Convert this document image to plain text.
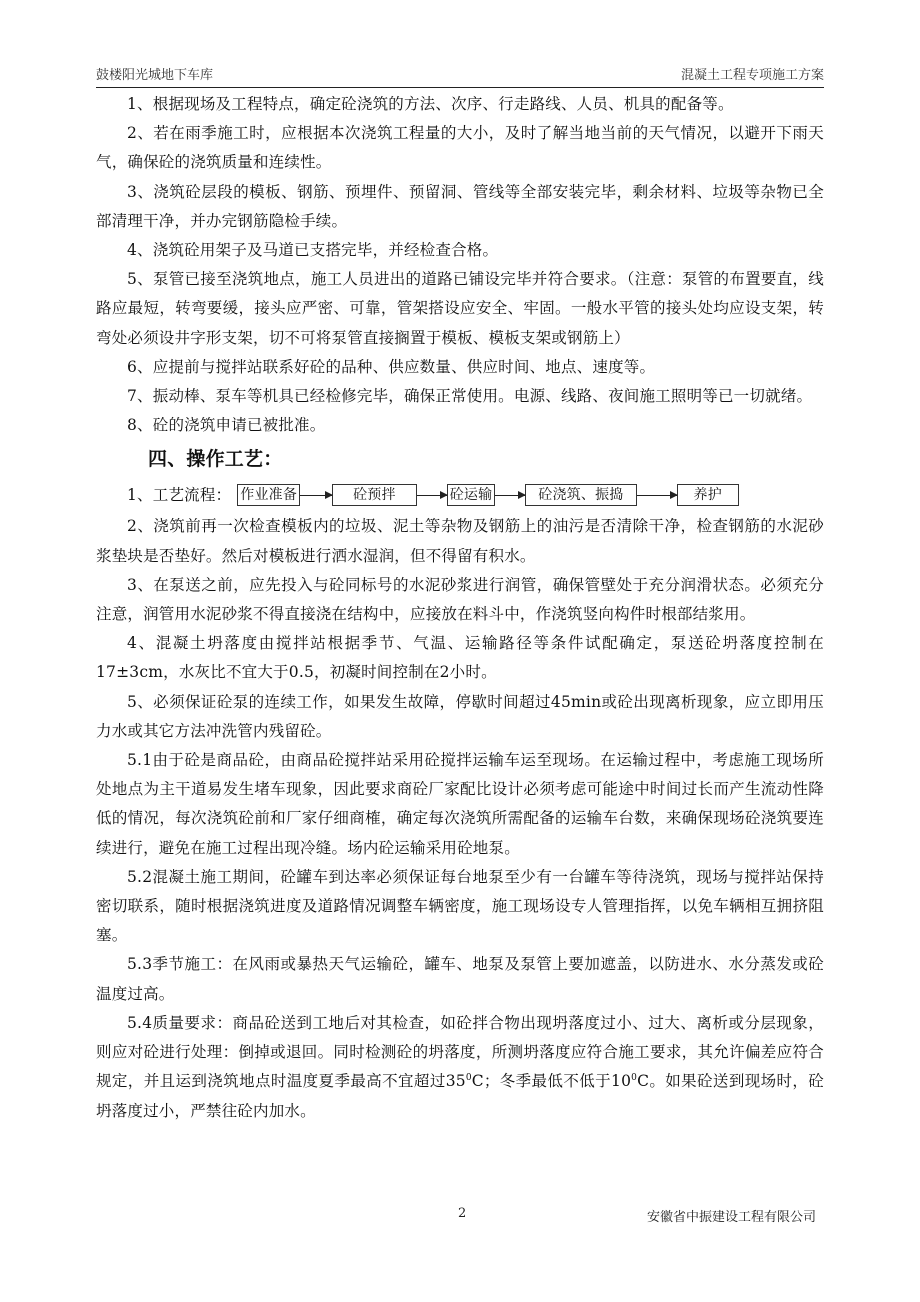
鼓楼阳光城地下车库	混凝土工程专项施工方案

1、根据现场及工程特点，确定砼浇筑的方法、次序、行走路线、人员、机具的配备等。

2、若在雨季施工时，应根据本次浇筑工程量的大小，及时了解当地当前的天气情况，以避开下雨天气，确保砼的浇筑质量和连续性。

3、浇筑砼层段的模板、钢筋、预埋件、预留洞、管线等全部安装完毕，剩余材料、垃圾等杂物已全部清理干净，并办完钢筋隐检手续。

4、浇筑砼用架子及马道已支搭完毕，并经检查合格。

5、泵管已接至浇筑地点，施工人员进出的道路已铺设完毕并符合要求。（注意：泵管的布置要直，线路应最短，转弯要缓，接头应严密、可靠，管架搭设应安全、牢固。一般水平管的接头处均应设支架，转弯处必须设井字形支架，切不可将泵管直接搁置于模板、模板支架或钢筋上）

6、应提前与搅拌站联系好砼的品种、供应数量、供应时间、地点、速度等。

7、振动棒、泵车等机具已经检修完毕，确保正常使用。电源、线路、夜间施工照明等已一切就绪。

8、砼的浇筑申请已被批准。

四、操作工艺：
1、工艺流程： 作业准备	砼预拌	砼运输	砼浇筑、振捣	养护

2、浇筑前再一次检查模板内的垃圾、泥土等杂物及钢筋上的油污是否清除干净，检查钢筋的水泥砂浆垫块是否垫好。然后对模板进行洒水湿润，但不得留有积水。

3、在泵送之前，应先投入与砼同标号的水泥砂浆进行润管，确保管壁处于充分润滑状态。必须充分注意，润管用水泥砂浆不得直接浇在结构中，应接放在料斗中，作浇筑竖向构件时根部结浆用。

4、混凝土坍落度由搅拌站根据季节、气温、运输路径等条件试配确定，泵送砼坍落度控制在17±3cm，水灰比不宜大于0.5，初凝时间控制在2小时。

5、必须保证砼泵的连续工作，如果发生故障，停歇时间超过45min或砼出现离析现象，应立即用压力水或其它方法冲洗管内残留砼。

5.1由于砼是商品砼，由商品砼搅拌站采用砼搅拌运输车运至现场。在运输过程中，考虑施工现场所处地点为主干道易发生堵车现象，因此要求商砼厂家配比设计必须考虑可能途中时间过长而产生流动性降低的情况，每次浇筑砼前和厂家仔细商榷，确定每次浇筑所需配备的运输车台数，来确保现场砼浇筑要连续进行，避免在施工过程出现冷缝。场内砼运输采用砼地泵。

5.2混凝土施工期间，砼罐车到达率必须保证每台地泵至少有一台罐车等待浇筑，现场与搅拌站保持密切联系，随时根据浇筑进度及道路情况调整车辆密度，施工现场设专人管理指挥，以免车辆相互拥挤阻塞。

5.3季节施工：在风雨或暴热天气运输砼，罐车、地泵及泵管上要加遮盖，以防进水、水分蒸发或砼温度过高。

5.4质量要求：商品砼送到工地后对其检查，如砼拌合物出现坍落度过小、过大、离析或分层现象，则应对砼进行处理：倒掉或退回。同时检测砼的坍落度，所测坍落度应符合施工要求，其允许偏差应符合规定，并且运到浇筑地点时温度夏季最高不宜超过$35^0C$；冬季最低不低于$10^0C$。如果砼送到现场时，砼坍落度过小，严禁往砼内加水。

2	安徽省中振建设工程有限公司
